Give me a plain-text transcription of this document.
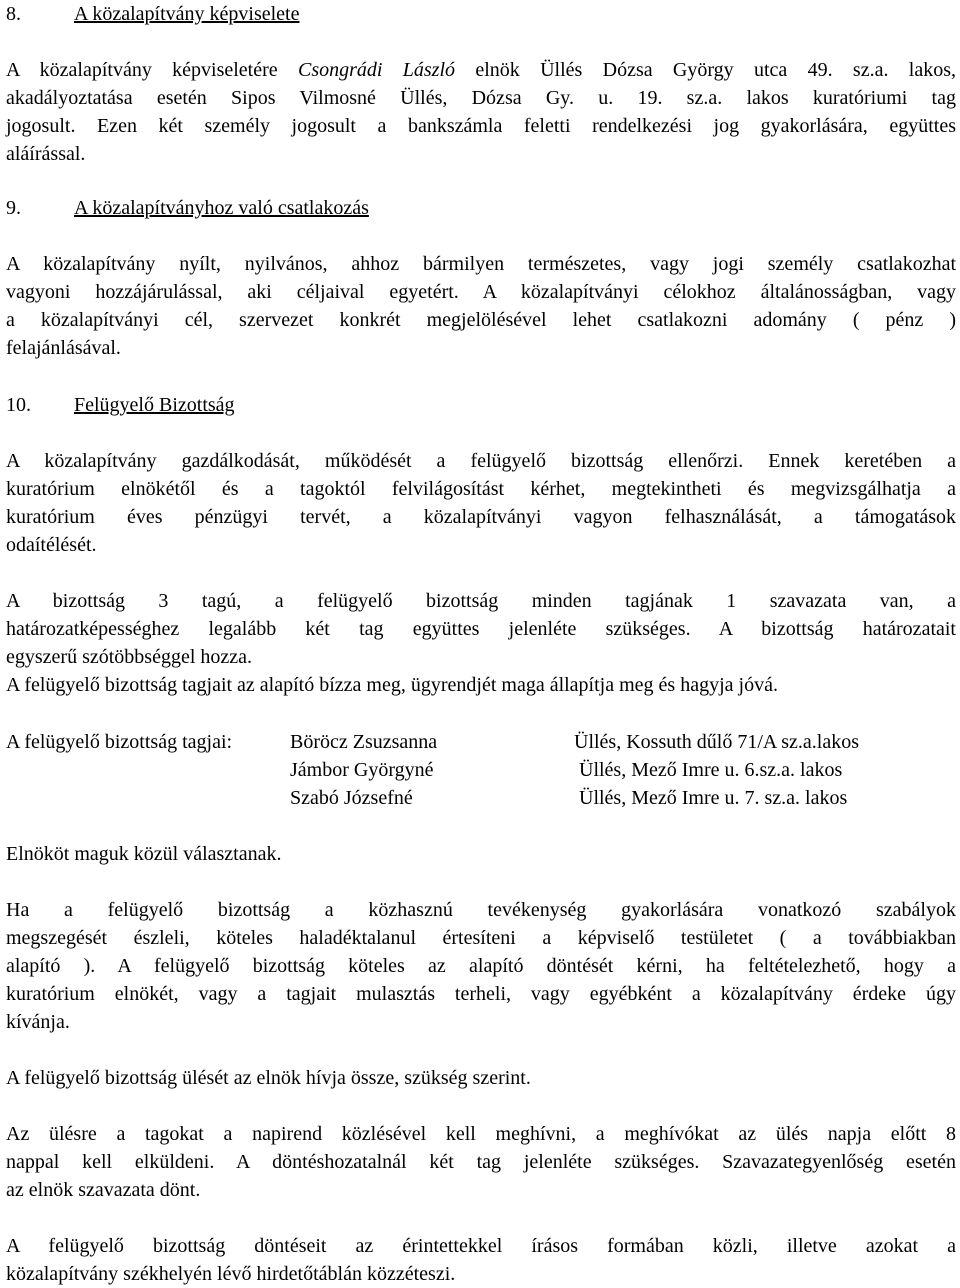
8.	A közalapítvány képviselete
A közalapítvány képviseletére Csongrádi László elnök Üllés Dózsa György utca 49. sz.a. lakos,
akadályoztatása esetén Sipos Vilmosné Üllés, Dózsa Gy. u. 19. sz.a. lakos kuratóriumi tag
jogosult. Ezen két személy jogosult a bankszámla feletti rendelkezési jog gyakorlására, együttes
aláírással.
9.	A közalapítványhoz való csatlakozás
A közalapítvány nyílt, nyilvános, ahhoz bármilyen természetes, vagy jogi személy csatlakozhat
vagyoni hozzájárulással, aki céljaival egyetért. A közalapítványi célokhoz általánosságban, vagy
a közalapítványi cél, szervezet konkrét megjelölésével lehet csatlakozni adomány ( pénz )
felajánlásával.
10. Felügyelő Bizottság
A közalapítvány gazdálkodását, működését a felügyelő bizottság ellenőrzi. Ennek keretében a
kuratórium elnökétől és a tagoktól felvilágosítást kérhet, megtekintheti és megvizsgálhatja a
kuratórium éves pénzügyi tervét, a közalapítványi vagyon felhasználását, a támogatások
odaítélését.
A bizottság 3 tagú, a felügyelő bizottság minden tagjának 1 szavazata van, a
határozatképességhez legalább két tag együttes jelenléte szükséges. A bizottság határozatait
egyszerű szótöbbséggel hozza.
A felügyelő bizottság tagjait az alapító bízza meg, ügyrendjét maga állapítja meg és hagyja jóvá.
A felügyelő bizottság tagjai:	Böröcz Zsuzsanna	Üllés, Kossuth dűlő 71/A sz.a.lakos
Jámbor Györgyné	Üllés, Mező Imre u. 6.sz.a. lakos
Szabó Józsefné	Üllés, Mező Imre u. 7. sz.a. lakos
Elnököt maguk közül választanak.
Ha a felügyelő bizottság a közhasznú tevékenység gyakorlására vonatkozó szabályok
megszegését észleli, köteles haladéktalanul értesíteni a képviselő testületet ( a továbbiakban
alapító ). A felügyelő bizottság köteles az alapító döntését kérni, ha feltételezhető, hogy a
kuratórium elnökét, vagy a tagjait mulasztás terheli, vagy egyébként a közalapítvány érdeke úgy
kívánja.
A felügyelő bizottság ülését az elnök hívja össze, szükség szerint.
Az ülésre a tagokat a napirend közlésével kell meghívni, a meghívókat az ülés napja előtt 8
nappal kell elküldeni. A döntéshozatalnál két tag jelenléte szükséges. Szavazategyenlőség esetén
az elnök szavazata dönt.
A felügyelő bizottság döntéseit az érintettekkel írásos formában közli, illetve azokat a
közalapítvány székhelyén lévő hirdetőtáblán közzéteszi.
